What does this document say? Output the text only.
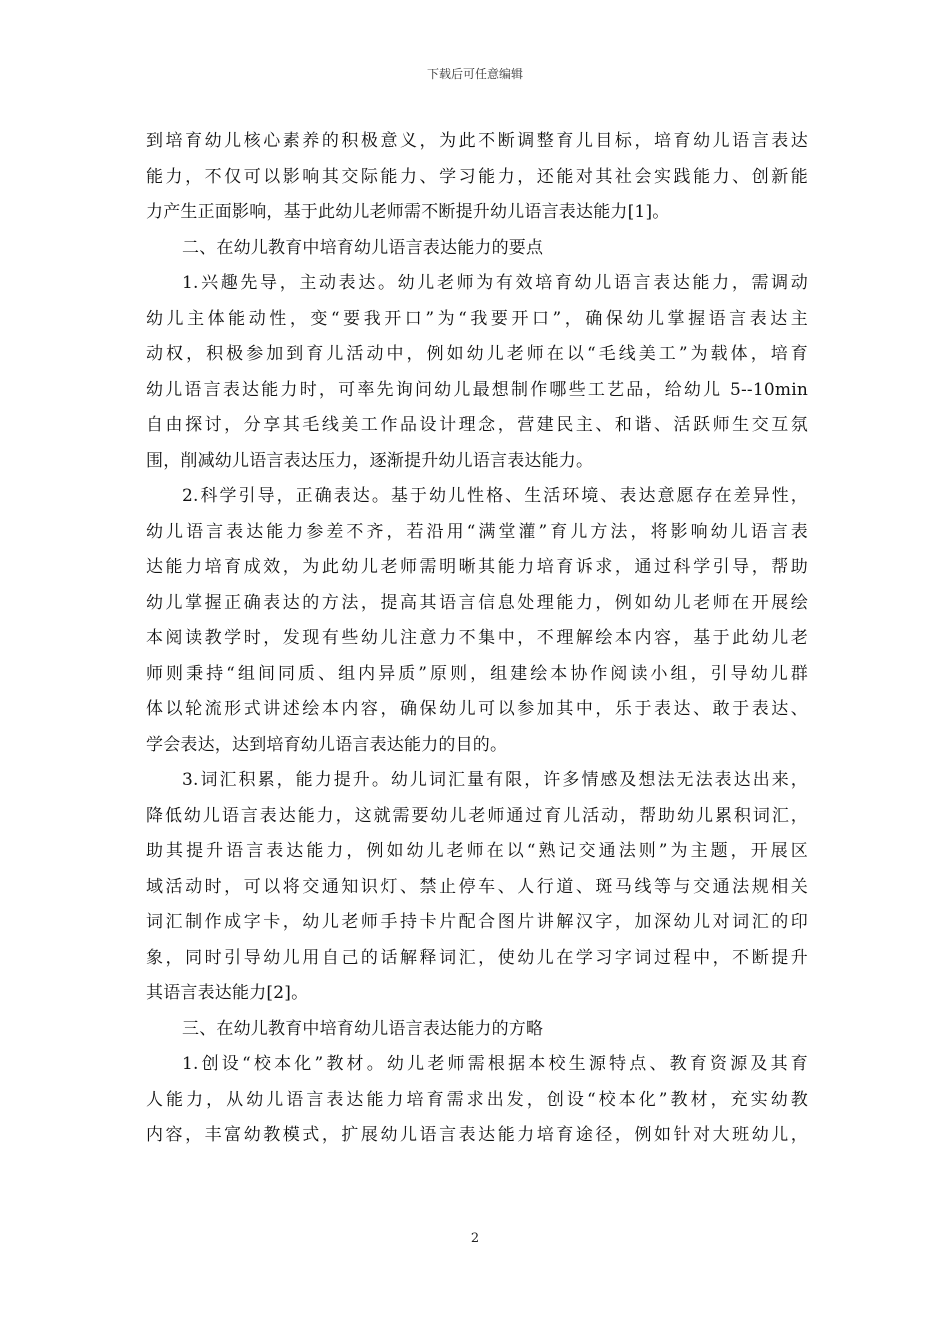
下载后可任意编辑
到培育幼儿核心素养的积极意义，为此不断调整育儿目标，培育幼儿语言表达
能力，不仅可以影响其交际能力、学习能力，还能对其社会实践能力、创新能
力产生正面影响，基于此幼儿老师需不断提升幼儿语言表达能力[1]。
二、在幼儿教育中培育幼儿语言表达能力的要点
1.兴趣先导，主动表达。幼儿老师为有效培育幼儿语言表达能力，需调动
幼儿主体能动性，变“要我开口”为“我要开口”，确保幼儿掌握语言表达主
动权，积极参加到育儿活动中，例如幼儿老师在以“毛线美工”为载体，培育
幼儿语言表达能力时，可率先询问幼儿最想制作哪些工艺品，给幼儿 5--10min
自由探讨，分享其毛线美工作品设计理念，营建民主、和谐、活跃师生交互氛
围，削减幼儿语言表达压力，逐渐提升幼儿语言表达能力。
2.科学引导，正确表达。基于幼儿性格、生活环境、表达意愿存在差异性，
幼儿语言表达能力参差不齐，若沿用“满堂灌”育儿方法，将影响幼儿语言表
达能力培育成效，为此幼儿老师需明晰其能力培育诉求，通过科学引导，帮助
幼儿掌握正确表达的方法，提高其语言信息处理能力，例如幼儿老师在开展绘
本阅读教学时，发现有些幼儿注意力不集中，不理解绘本内容，基于此幼儿老
师则秉持“组间同质、组内异质”原则，组建绘本协作阅读小组，引导幼儿群
体以轮流形式讲述绘本内容，确保幼儿可以参加其中，乐于表达、敢于表达、
学会表达，达到培育幼儿语言表达能力的目的。
3.词汇积累，能力提升。幼儿词汇量有限，许多情感及想法无法表达出来，
降低幼儿语言表达能力，这就需要幼儿老师通过育儿活动，帮助幼儿累积词汇，
助其提升语言表达能力，例如幼儿老师在以“熟记交通法则”为主题，开展区
域活动时，可以将交通知识灯、禁止停车、人行道、斑马线等与交通法规相关
词汇制作成字卡，幼儿老师手持卡片配合图片讲解汉字，加深幼儿对词汇的印
象，同时引导幼儿用自己的话解释词汇，使幼儿在学习字词过程中，不断提升
其语言表达能力[2]。
三、在幼儿教育中培育幼儿语言表达能力的方略
1.创设“校本化”教材。幼儿老师需根据本校生源特点、教育资源及其育
人能力，从幼儿语言表达能力培育需求出发，创设“校本化”教材，充实幼教
内容，丰富幼教模式，扩展幼儿语言表达能力培育途径，例如针对大班幼儿，
2
